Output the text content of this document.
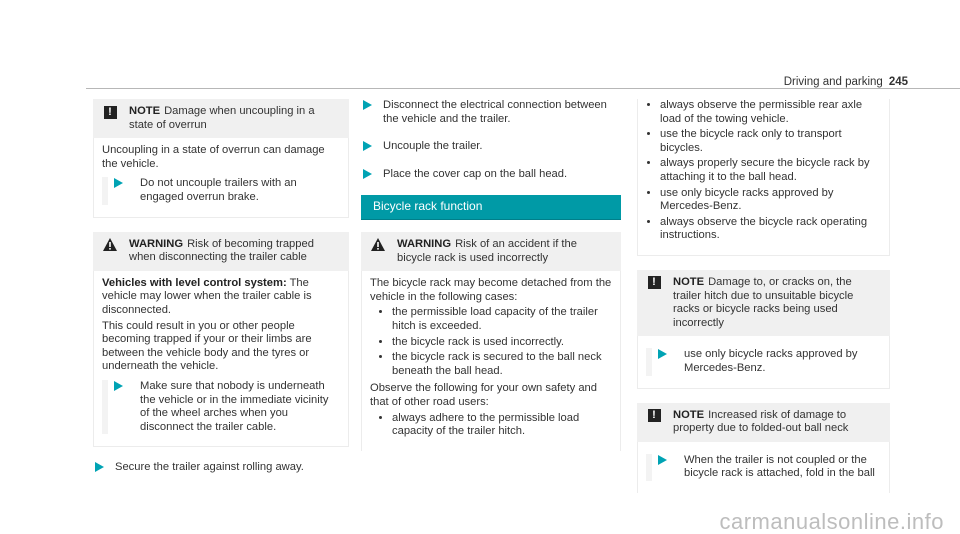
Driving and parking 245
!	NOTE Damage when uncoupling in a state of overrun

Uncoupling in a state of overrun can damage the vehicle.

Do not uncouple trailers with an engaged overrun brake.
WARNING Risk of becoming trapped when disconnecting the trailer cable

Vehicles with level control system: The vehicle may lower when the trailer cable is disconnected.

This could result in you or other people becoming trapped if your or their limbs are between the vehicle body and the tyres or underneath the vehicle.

Make sure that nobody is underneath the vehicle or in the immediate vicinity of the wheel arches when you disconnect the trailer cable.
Secure the trailer against rolling away.
Disconnect the electrical connection between the vehicle and the trailer.
Uncouple the trailer.
Place the cover cap on the ball head.
Bicycle rack function
WARNING Risk of an accident if the bicycle rack is used incorrectly

The bicycle rack may become detached from the vehicle in the following cases:

• the permissible load capacity of the trailer hitch is exceeded.
• the bicycle rack is used incorrectly.
• the bicycle rack is secured to the ball neck beneath the ball head.

Observe the following for your own safety and that of other road users:

• always adhere to the permissible load capacity of the trailer hitch.
• always observe the permissible rear axle load of the towing vehicle.
• use the bicycle rack only to transport bicycles.
• always properly secure the bicycle rack by attaching it to the ball head.
• use only bicycle racks approved by Mercedes-Benz.
• always observe the bicycle rack operating instructions.
!	NOTE Damage to, or cracks on, the trailer hitch due to unsuitable bicycle racks or bicycle racks being used incorrectly
use only bicycle racks approved by Mercedes-Benz.
!	NOTE Increased risk of damage to property due to folded-out ball neck
When the trailer is not coupled or the bicycle rack is attached, fold in the ball
carmanualsonline.info
